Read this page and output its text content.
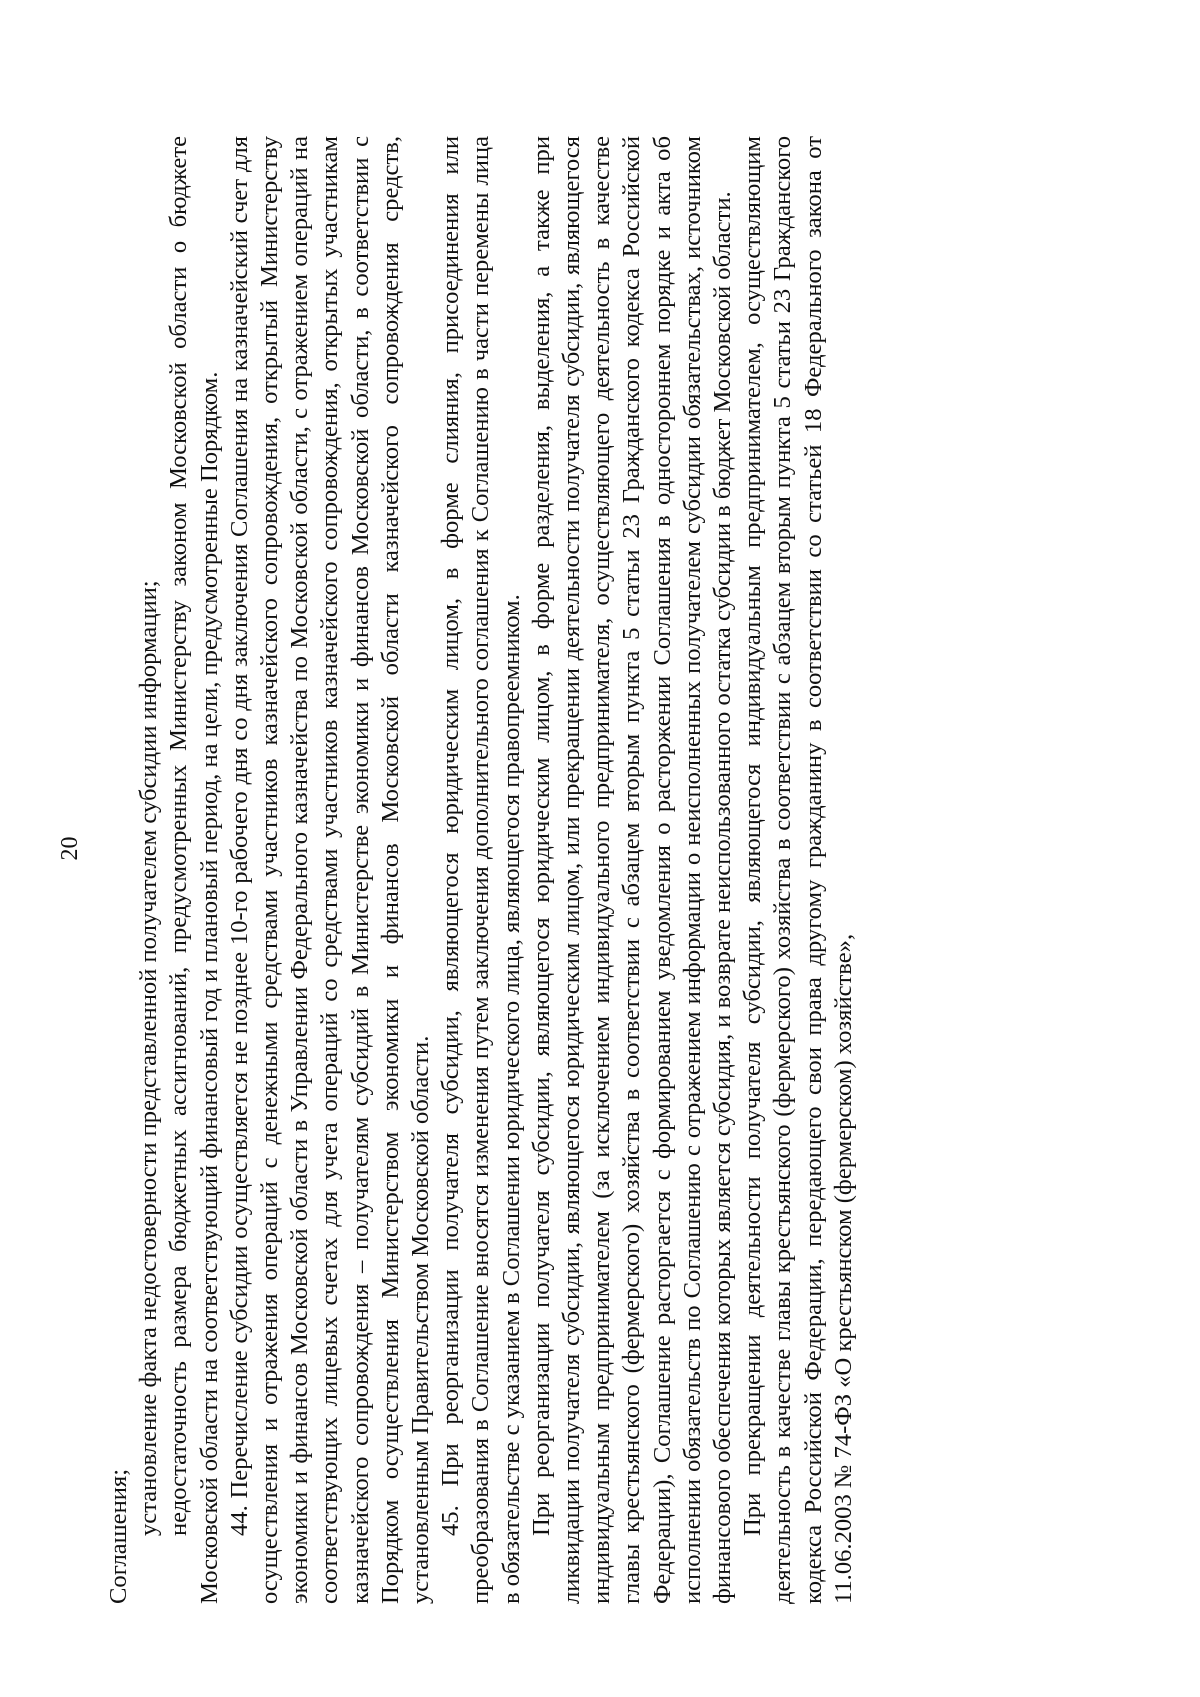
20

Соглашения;

установление факта недостоверности представленной получателем субсидии информации; недостаточность размера бюджетных ассигнований, предусмотренных Министерству законом Московской области о бюджете Московской области на соответствующий финансовый год и плановый период, на цели, предусмотренные Порядком. 44. Перечисление субсидии осуществляется не позднее 10-го рабочего дня со дня заключения Соглашения на казначейский счет для осуществления и отражения операций с денежными средствами участников казначейского сопровождения, открытый Министерству экономики и финансов Московской области в Управлении Федерального казначейства по Московской области, с отражением операций на соответствующих лицевых счетах для учета операций со средствами участников казначейского сопровождения, открытых участникам казначейского сопровождения – получателям субсидий в Министерстве экономики и финансов Московской области, в соответствии с Порядком осуществления Министерством экономики и финансов Московской области казначейского сопровождения средств, установленным Правительством Московской области. 45. При реорганизации получателя субсидии, являющегося юридическим лицом, в форме слияния, присоединения или преобразования в Соглашение вносятся изменения путем заключения дополнительного соглашения к Соглашению в части перемены лица в обязательстве с указанием в Соглашении юридического лица, являющегося правопреемником. При реорганизации получателя субсидии, являющегося юридическим лицом, в форме разделения, выделения, а также при ликвидации получателя субсидии, являющегося юридическим лицом, или прекращении деятельности получателя субсидии, являющегося индивидуальным предпринимателем (за исключением индивидуального предпринимателя, осуществляющего деятельность в качестве главы крестьянского (фермерского) хозяйства в соответствии с абзацем вторым пункта 5 статьи 23 Гражданского кодекса Российской Федерации), Соглашение расторгается с формированием уведомления о расторжении Соглашения в одностороннем порядке и акта об исполнении обязательств по Соглашению с отражением информации о неисполненных получателем субсидии обязательствах, источником финансового обеспечения которых является субсидия, и возврате неиспользованного остатка субсидии в бюджет Московской области. При прекращении деятельности получателя субсидии, являющегося индивидуальным предпринимателем, осуществляющим деятельность в качестве главы крестьянского (фермерского) хозяйства в соответствии с абзацем вторым пункта 5 статьи 23 Гражданского кодекса Российской Федерации, передающего свои права другому гражданину в соответствии со статьей 18 Федерального закона от 11.06.2003 № 74-ФЗ «О крестьянском (фермерском) хозяйстве»,
